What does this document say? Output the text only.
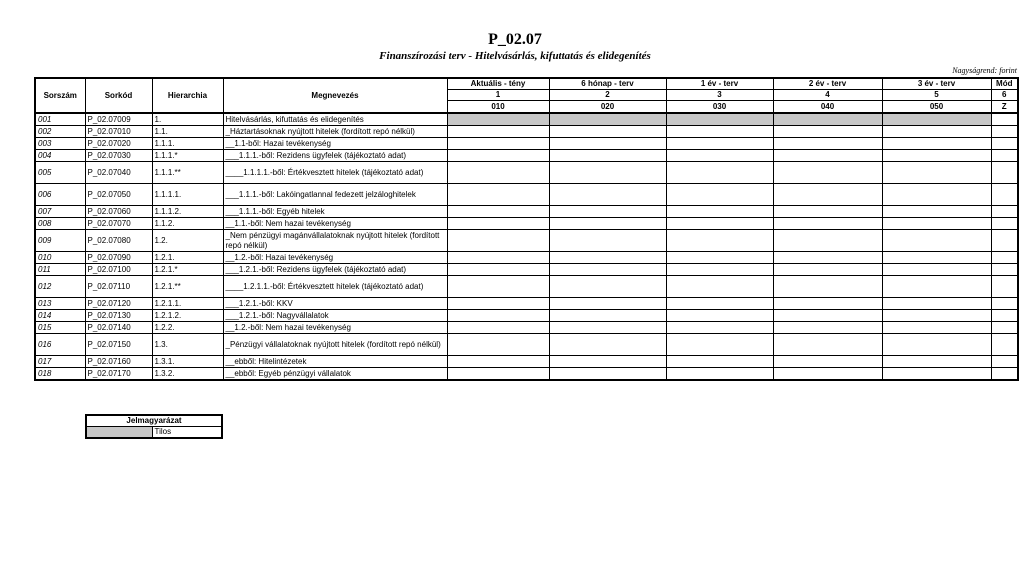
P_02.07
Finanszírozási terv - Hitelvásárlás, kifuttatás és elidegenítés
Nagyságrend: forint
Sorszám	Sorkód	Hierarchia	Megnevezés	Aktuális - tény	6 hónap - terv	1 év - terv	2 év - terv	3 év - terv	Mód
				1	2	3	4	5	6
				010	020	030	040	050	Z
001	P_02.07009	1.	Hitelvásárlás, kifuttatás és elidegenítés						
002	P_02.07010	1.1.	_Háztartásoknak nyújtott hitelek (fordított repó nélkül)						
003	P_02.07020	1.1.1.	__1.1-ből: Hazai tevékenység						
004	P_02.07030	1.1.1.*	___1.1.1.-ből: Rezidens ügyfelek (tájékoztató adat)						
005	P_02.07040	1.1.1.**	____1.1.1.1.-ből: Értékvesztett hitelek (tájékoztató adat)						
006	P_02.07050	1.1.1.1.	___1.1.1.-ből: Lakóingatlannal fedezett jelzáloghitelek						
007	P_02.07060	1.1.1.2.	___1.1.1.-ből: Egyéb hitelek						
008	P_02.07070	1.1.2.	__1.1.-ből: Nem hazai tevékenység						
009	P_02.07080	1.2.	_Nem pénzügyi magánvállalatoknak nyújtott hitelek (fordított repó nélkül)						
010	P_02.07090	1.2.1.	__1.2.-ből: Hazai tevékenység						
011	P_02.07100	1.2.1.*	___1.2.1.-ből: Rezidens ügyfelek (tájékoztató adat)						
012	P_02.07110	1.2.1.**	____1.2.1.1.-ből: Értékvesztett hitelek (tájékoztató adat)						
013	P_02.07120	1.2.1.1.	___1.2.1.-ből: KKV						
014	P_02.07130	1.2.1.2.	___1.2.1.-ből: Nagyvállalatok						
015	P_02.07140	1.2.2.	__1.2.-ből: Nem hazai tevékenység						
016	P_02.07150	1.3.	_Pénzügyi vállalatoknak nyújtott hitelek (fordított repó nélkül)						
017	P_02.07160	1.3.1.	__ebből: Hitelintézetek						
018	P_02.07170	1.3.2.	__ebből: Egyéb pénzügyi vállalatok						
Jelmagyarázat
	Tilos
